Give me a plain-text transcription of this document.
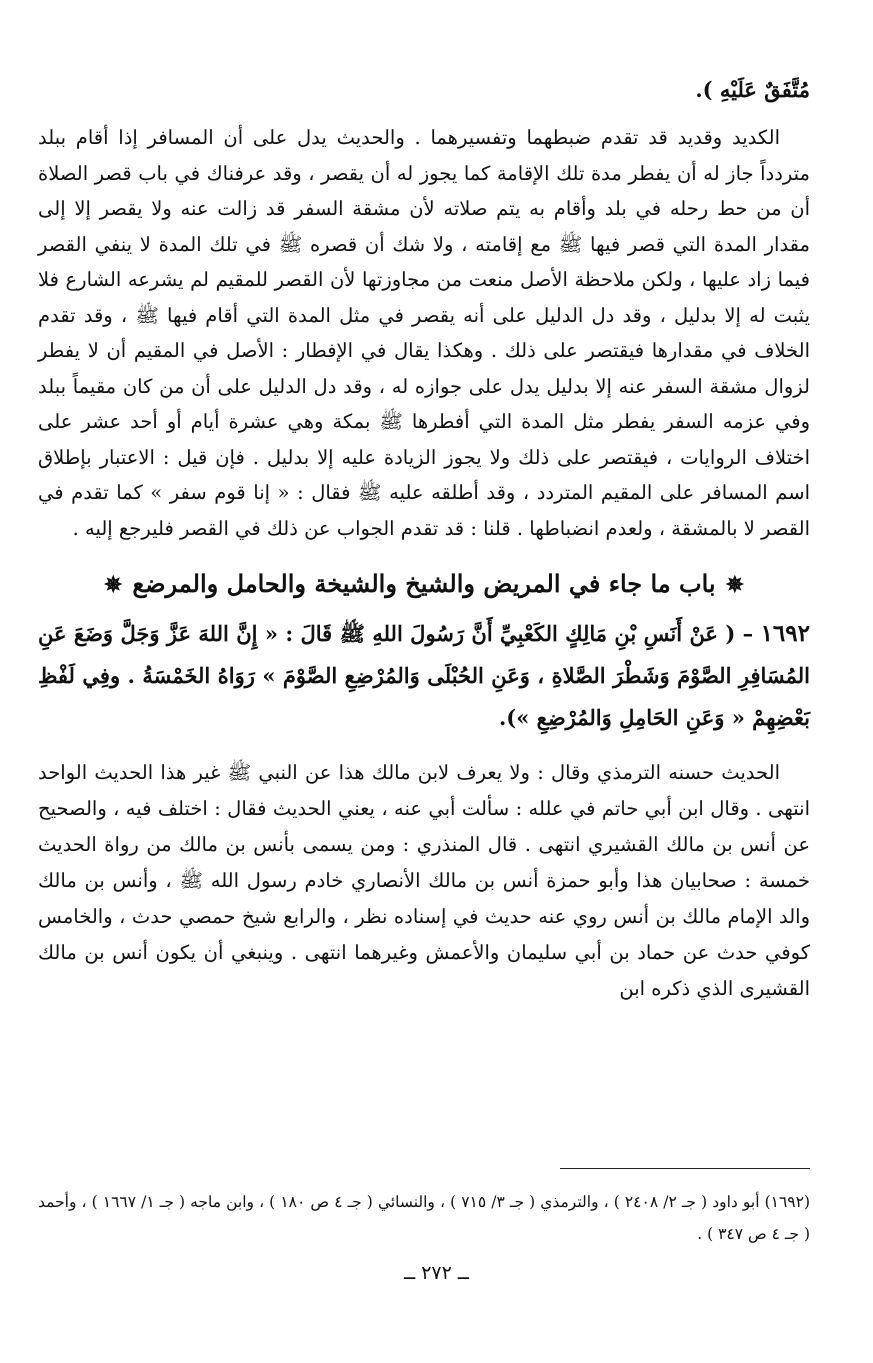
مُتَّفَقٌ عَلَيْهِ ).

الكديد وقديد قد تقدم ضبطهما وتفسيرهما . والحديث يدل على أن المسافر إذا أقام ببلد متردداً جاز له أن يفطر مدة تلك الإقامة كما يجوز له أن يقصر ، وقد عرفناك في باب قصر الصلاة أن من حط رحله في بلد وأقام به يتم صلاته لأن مشقة السفر قد زالت عنه ولا يقصر إلا إلى مقدار المدة التي قصر فيها ﷺ مع إقامته ، ولا شك أن قصره ﷺ في تلك المدة لا ينفي القصر فيما زاد عليها ، ولكن ملاحظة الأصل منعت من مجاوزتها لأن القصر للمقيم لم يشرعه الشارع فلا يثبت له إلا بدليل ، وقد دل الدليل على أنه يقصر في مثل المدة التي أقام فيها ﷺ ، وقد تقدم الخلاف في مقدارها فيقتصر على ذلك . وهكذا يقال في الإفطار : الأصل في المقيم أن لا يفطر لزوال مشقة السفر عنه إلا بدليل يدل على جوازه له ، وقد دل الدليل على أن من كان مقيماً ببلد وفي عزمه السفر يفطر مثل المدة التي أفطرها ﷺ بمكة وهي عشرة أيام أو أحد عشر على اختلاف الروايات ، فيقتصر على ذلك ولا يجوز الزيادة عليه إلا بدليل . فإن قيل : الاعتبار بإطلاق اسم المسافر على المقيم المتردد ، وقد أطلقه عليه ﷺ فقال : « إنا قوم سفر » كما تقدم في القصر لا بالمشقة ، ولعدم انضباطها . قلنا : قد تقدم الجواب عن ذلك في القصر فليرجع إليه .

✵باب ما جاء في المريض والشيخ والشيخة والحامل والمرضع✵

١٦٩٢ – ( عَنْ أَنَسِ بْنِ مَالِكٍ الكَعْبِيِّ أَنَّ رَسُولَ اللهِ ﷺ قَالَ : « إِنَّ اللهَ عَزَّ وَجَلَّ وَضَعَ عَنِ المُسَافِرِ الصَّوْمَ وَشَطْرَ الصَّلاةِ ، وَعَنِ الحُبْلَى وَالمُرْضِعِ الصَّوْمَ » رَوَاهُ الخَمْسَةُ . وفِي لَفْظِ بَعْضِهِمْ « وَعَنِ الحَامِلِ وَالمُرْضِعِ »).

الحديث حسنه الترمذي وقال : ولا يعرف لابن مالك هذا عن النبي ﷺ غير هذا الحديث الواحد انتهى . وقال ابن أبي حاتم في علله : سألت أبي عنه ، يعني الحديث فقال : اختلف فيه ، والصحيح عن أنس بن مالك القشيري انتهى . قال المنذري : ومن يسمى بأنس بن مالك من رواة الحديث خمسة : صحابيان هذا وأبو حمزة أنس بن مالك الأنصاري خادم رسول الله ﷺ ، وأنس بن مالك والد الإمام مالك بن أنس روي عنه حديث في إسناده نظر ، والرابع شيخ حمصي حدث ، والخامس كوفي حدث عن حماد بن أبي سليمان والأعمش وغيرهما انتهى . وينبغي أن يكون أنس بن مالك القشيرى الذي ذكره ابن

(١٦٩٢) أبو داود ( جـ ٢/ ٢٤٠٨ ) ، والترمذي ( جـ ٣/ ٧١٥ ) ، والنسائي ( جـ ٤ ص ١٨٠ ) ، وابن ماجه ( جـ ١/ ١٦٦٧ ) ، وأحمد ( جـ ٤ ص ٣٤٧ ) .
ــ ٢٧٢ ــ
